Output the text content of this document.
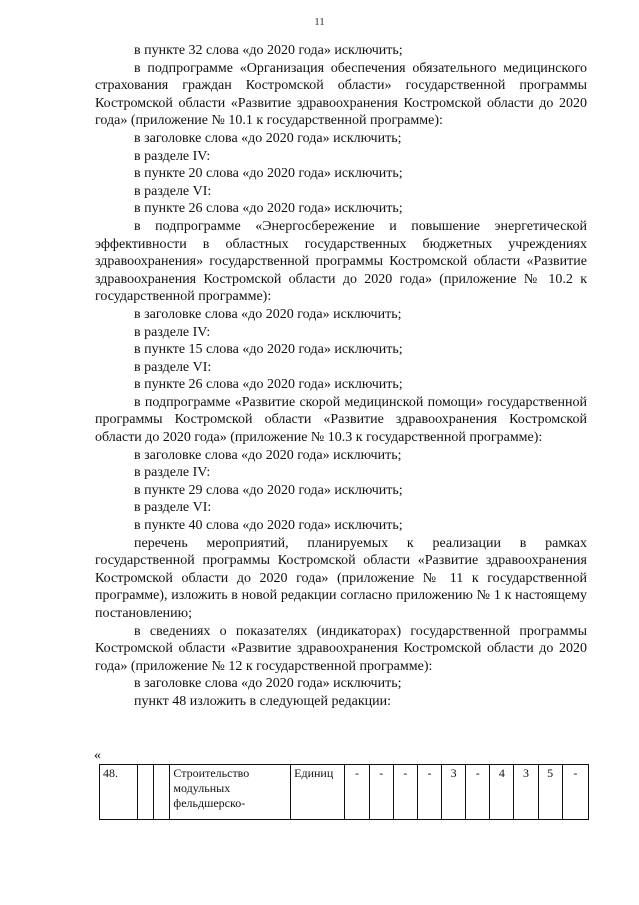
11

в пункте 32 слова «до 2020 года» исключить;

в подпрограмме «Организация обеспечения обязательного медицинского страхования граждан Костромской области» государственной программы Костромской области «Развитие здравоохранения Костромской области до 2020 года» (приложение № 10.1 к государственной программе):

в заголовке слова «до 2020 года» исключить;

в разделе IV:

в пункте 20 слова «до 2020 года» исключить;

в разделе VI:

в пункте 26 слова «до 2020 года» исключить;

в подпрограмме «Энергосбережение и повышение энергетической эффективности в областных государственных бюджетных учреждениях здравоохранения» государственной программы Костромской области «Развитие здравоохранения Костромской области до 2020 года» (приложение № 10.2 к государственной программе):

в заголовке слова «до 2020 года» исключить;

в разделе IV:

в пункте 15 слова «до 2020 года» исключить;

в разделе VI:

в пункте 26 слова «до 2020 года» исключить;

в подпрограмме «Развитие скорой медицинской помощи» государственной программы Костромской области «Развитие здравоохранения Костромской области до 2020 года» (приложение № 10.3 к государственной программе):

в заголовке слова «до 2020 года» исключить;

в разделе IV:

в пункте 29 слова «до 2020 года» исключить;

в разделе VI:

в пункте 40 слова «до 2020 года» исключить;

перечень мероприятий, планируемых к реализации в рамках государственной программы Костромской области «Развитие здравоохранения Костромской области до 2020 года» (приложение № 11 к государственной программе), изложить в новой редакции согласно приложению № 1 к настоящему постановлению;

в сведениях о показателях (индикаторах) государственной программы Костромской области «Развитие здравоохранения Костромской области до 2020 года» (приложение № 12 к государственной программе):

в заголовке слова «до 2020 года» исключить;

пункт 48 изложить в следующей редакции:

«
48.			Строительство модульных фельдшерско-	Единиц	-	-	-	-	3	-	4	3	5	-
